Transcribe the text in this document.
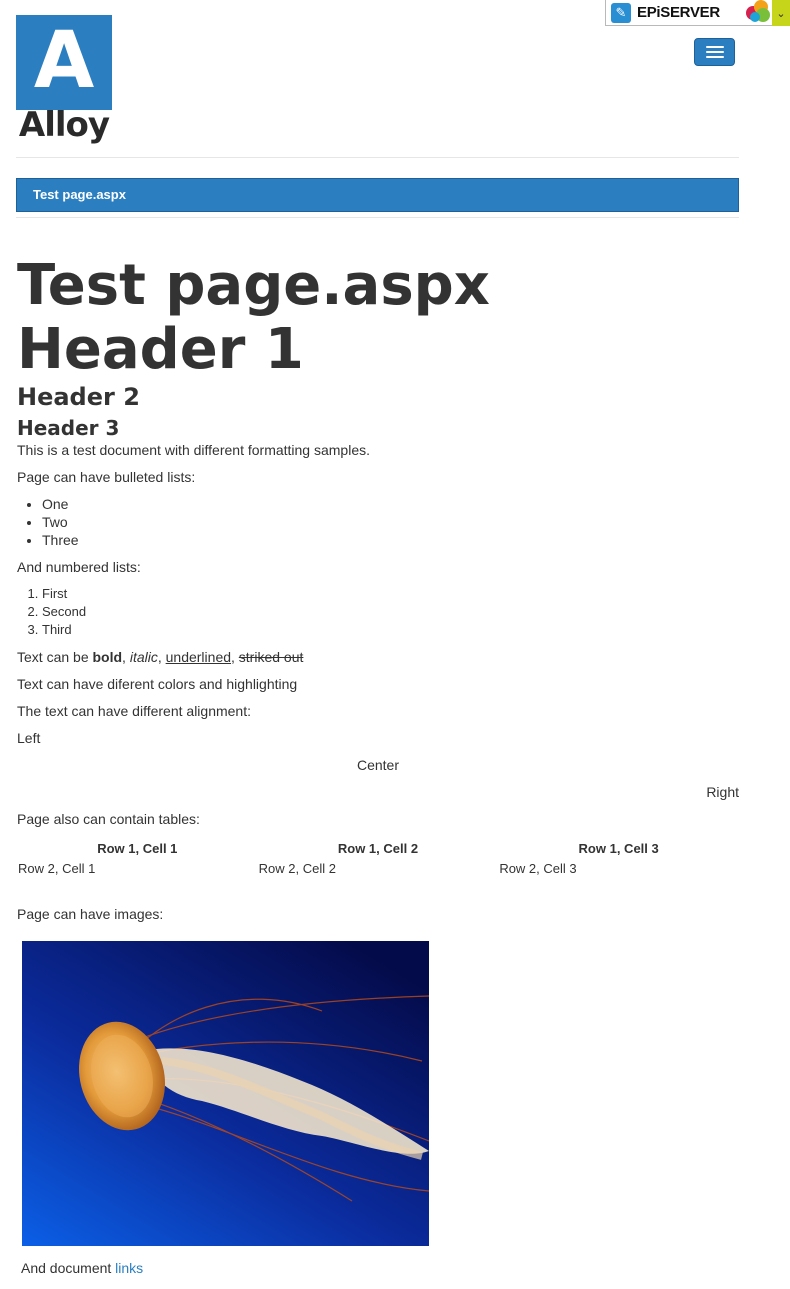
✎ EPiSERVER	⌄
A
Alloy
Test page.aspx
Test page.aspx
Header 1
Header 2
Header 3

This is a test document with different formatting samples.

Page can have bulleted lists:

• One
• Two
• Three

And numbered lists:

1. First
2. Second
3. Third

Text can be bold, italic, underlined, striked out

Text can have diferent colors and highlighting

The text can have different alignment:

Left

Center

Right

Page also can contain tables:

Row 1, Cell 1	Row 1, Cell 2	Row 1, Cell 3
Row 2, Cell 1	Row 2, Cell 2	Row 2, Cell 3

Page can have images:

And document links
